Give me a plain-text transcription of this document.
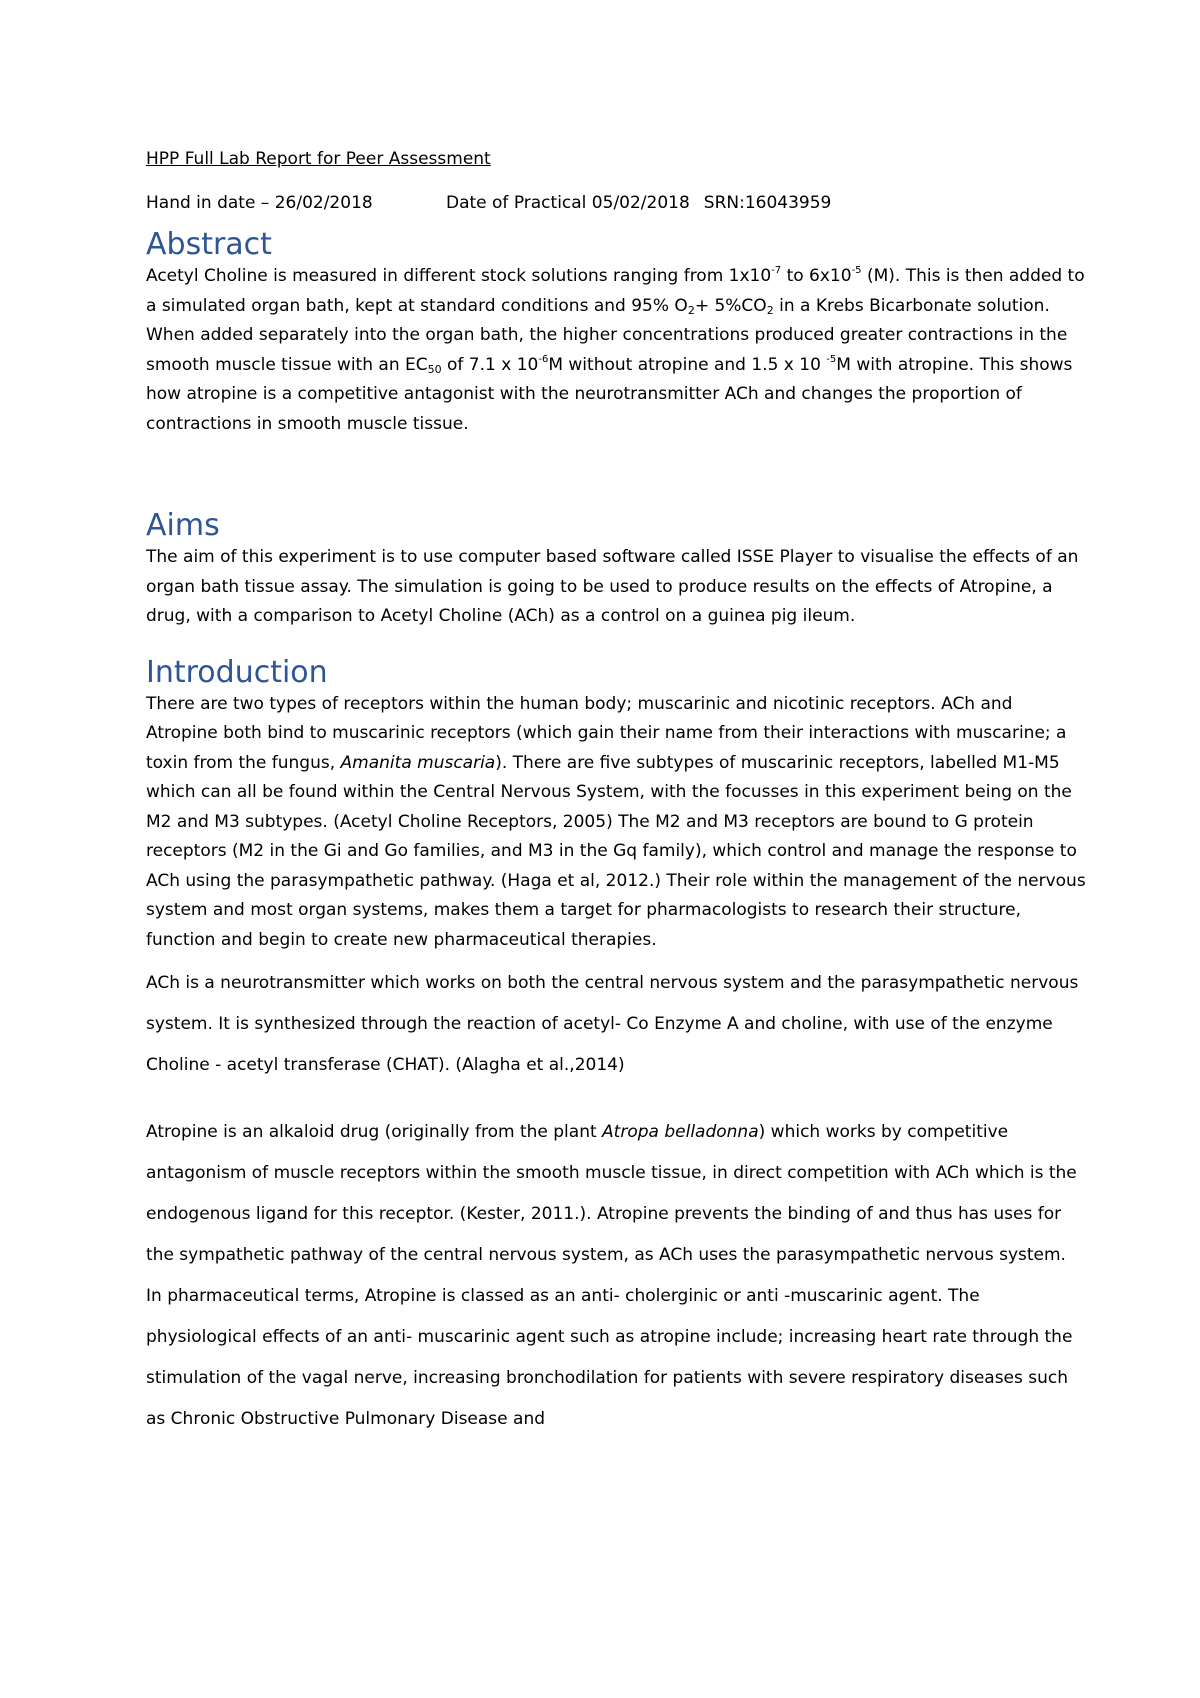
HPP Full Lab Report for Peer Assessment

Hand in date – 26/02/2018	Date of Practical 05/02/2018 SRN:16043959

Abstract

Acetyl Choline is measured in different stock solutions ranging from $1x10^{-7}$ to $6x10^{-5}$ (M). This is then added to a simulated organ bath, kept at standard conditions and 95% $O_2+ 5\%CO_2$ in a Krebs Bicarbonate solution. When added separately into the organ bath, the higher concentrations produced greater contractions in the smooth muscle tissue with an $EC_{50}$ of 7.1 x $10^{-6}M$ without atropine and 1.5 x 10 $^{-5}$M with atropine. This shows how atropine is a competitive antagonist with the neurotransmitter ACh and changes the proportion of contractions in smooth muscle tissue.

Aims

The aim of this experiment is to use computer based software called ISSE Player to visualise the effects of an organ bath tissue assay. The simulation is going to be used to produce results on the effects of Atropine, a drug, with a comparison to Acetyl Choline (ACh) as a control on a guinea pig ileum.

Introduction

There are two types of receptors within the human body; muscarinic and nicotinic receptors. ACh and Atropine both bind to muscarinic receptors (which gain their name from their interactions with muscarine; a toxin from the fungus, Amanita muscaria). There are five subtypes of muscarinic receptors, labelled M1-M5 which can all be found within the Central Nervous System, with the focusses in this experiment being on the M2 and M3 subtypes. (Acetyl Choline Receptors, 2005) The M2 and M3 receptors are bound to G protein receptors (M2 in the Gi and Go families, and M3 in the Gq family), which control and manage the response to ACh using the parasympathetic pathway. (Haga et al, 2012.) Their role within the management of the nervous system and most organ systems, makes them a target for pharmacologists to research their structure, function and begin to create new pharmaceutical therapies.

ACh is a neurotransmitter which works on both the central nervous system and the parasympathetic nervous system. It is synthesized through the reaction of acetyl- Co Enzyme A and choline, with use of the enzyme Choline - acetyl transferase (CHAT). (Alagha et al.,2014)

Atropine is an alkaloid drug (originally from the plant Atropa belladonna) which works by competitive antagonism of muscle receptors within the smooth muscle tissue, in direct competition with ACh which is the endogenous ligand for this receptor. (Kester, 2011.). Atropine prevents the binding of and thus has uses for the sympathetic pathway of the central nervous system, as ACh uses the parasympathetic nervous system. In pharmaceutical terms, Atropine is classed as an anti- cholerginic or anti -muscarinic agent. The physiological effects of an anti- muscarinic agent such as atropine include; increasing heart rate through the stimulation of the vagal nerve, increasing bronchodilation for patients with severe respiratory diseases such as Chronic Obstructive Pulmonary Disease and
